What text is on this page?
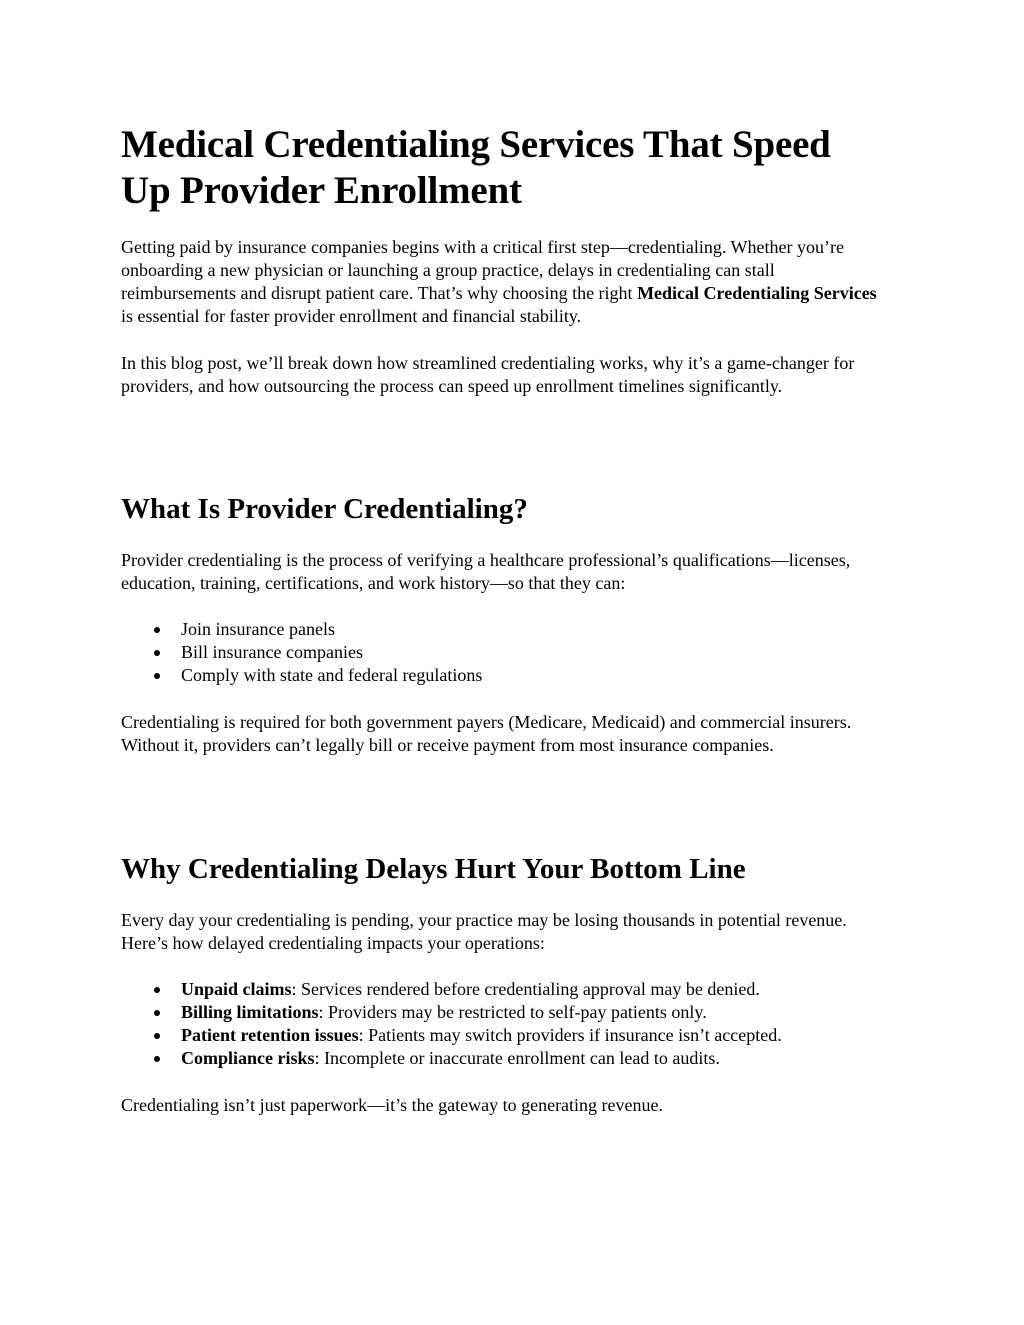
Medical Credentialing Services That Speed Up Provider Enrollment

Getting paid by insurance companies begins with a critical first step—credentialing. Whether you’re onboarding a new physician or launching a group practice, delays in credentialing can stall reimbursements and disrupt patient care. That’s why choosing the right Medical Credentialing Services is essential for faster provider enrollment and financial stability.

In this blog post, we’ll break down how streamlined credentialing works, why it’s a game-changer for providers, and how outsourcing the process can speed up enrollment timelines significantly.

What Is Provider Credentialing?

Provider credentialing is the process of verifying a healthcare professional’s qualifications—licenses, education, training, certifications, and work history—so that they can:

Join insurance panels
Bill insurance companies
Comply with state and federal regulations

Credentialing is required for both government payers (Medicare, Medicaid) and commercial insurers. Without it, providers can’t legally bill or receive payment from most insurance companies.

Why Credentialing Delays Hurt Your Bottom Line

Every day your credentialing is pending, your practice may be losing thousands in potential revenue. Here’s how delayed credentialing impacts your operations:

Unpaid claims: Services rendered before credentialing approval may be denied.
Billing limitations: Providers may be restricted to self-pay patients only.
Patient retention issues: Patients may switch providers if insurance isn’t accepted.
Compliance risks: Incomplete or inaccurate enrollment can lead to audits.

Credentialing isn’t just paperwork—it’s the gateway to generating revenue.
